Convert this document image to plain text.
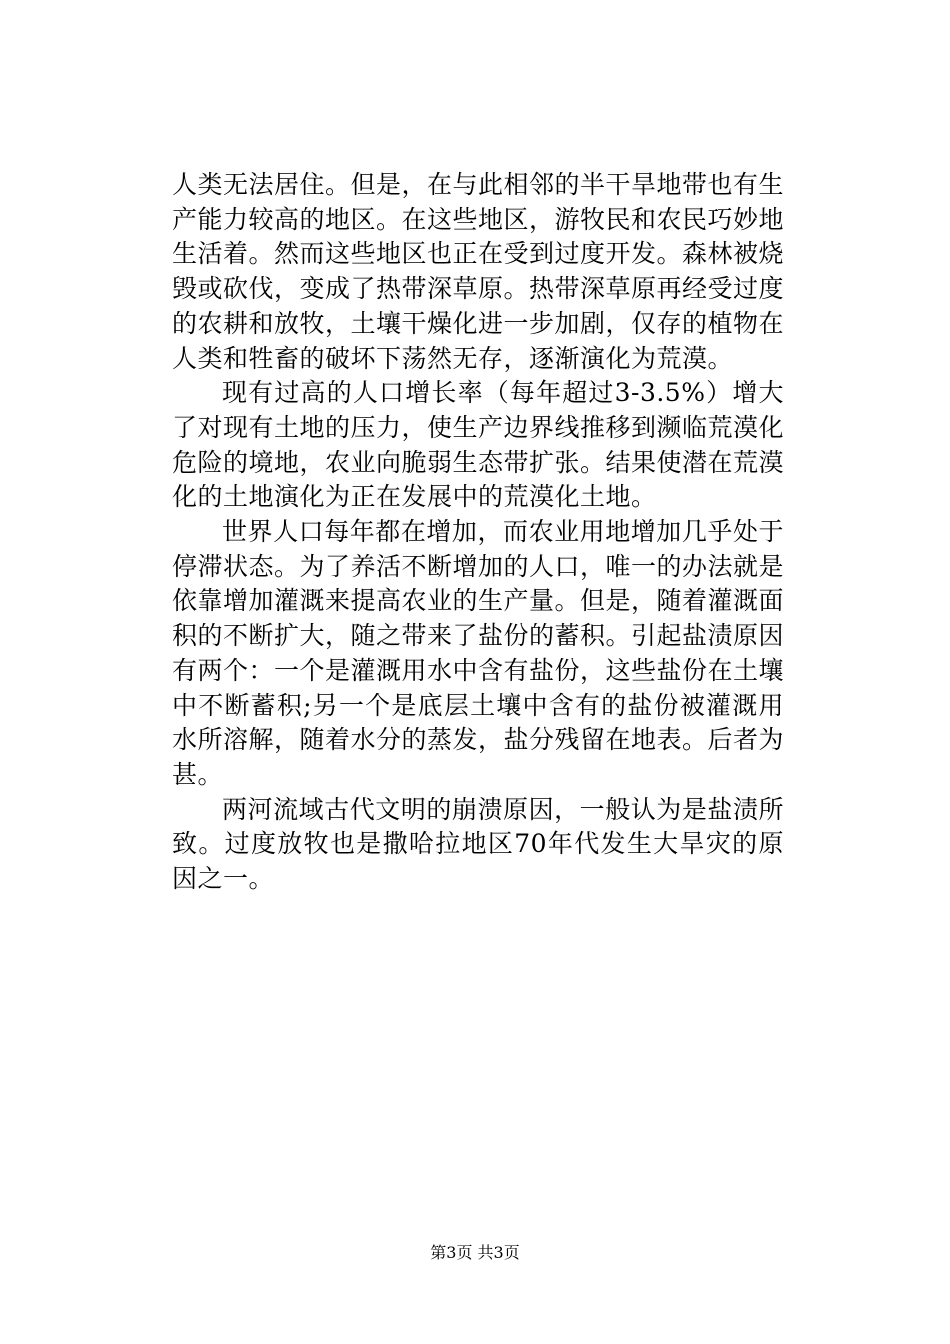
人类无法居住。但是，在与此相邻的半干旱地带也有生产能力较高的地区。在这些地区，游牧民和农民巧妙地生活着。然而这些地区也正在受到过度开发。森林被烧毁或砍伐，变成了热带深草原。热带深草原再经受过度的农耕和放牧，土壤干燥化进一步加剧，仅存的植物在人类和牲畜的破坏下荡然无存，逐渐演化为荒漠。

现有过高的人口增长率（每年超过3-3.5%）增大了对现有土地的压力，使生产边界线推移到濒临荒漠化危险的境地，农业向脆弱生态带扩张。结果使潜在荒漠化的土地演化为正在发展中的荒漠化土地。

世界人口每年都在增加，而农业用地增加几乎处于停滞状态。为了养活不断增加的人口，唯一的办法就是依靠增加灌溉来提高农业的生产量。但是，随着灌溉面积的不断扩大，随之带来了盐份的蓄积。引起盐渍原因有两个：一个是灌溉用水中含有盐份，这些盐份在土壤中不断蓄积;另一个是底层土壤中含有的盐份被灌溉用水所溶解，随着水分的蒸发，盐分残留在地表。后者为甚。

两河流域古代文明的崩溃原因，一般认为是盐渍所致。过度放牧也是撒哈拉地区70年代发生大旱灾的原因之一。

第3页 共3页
